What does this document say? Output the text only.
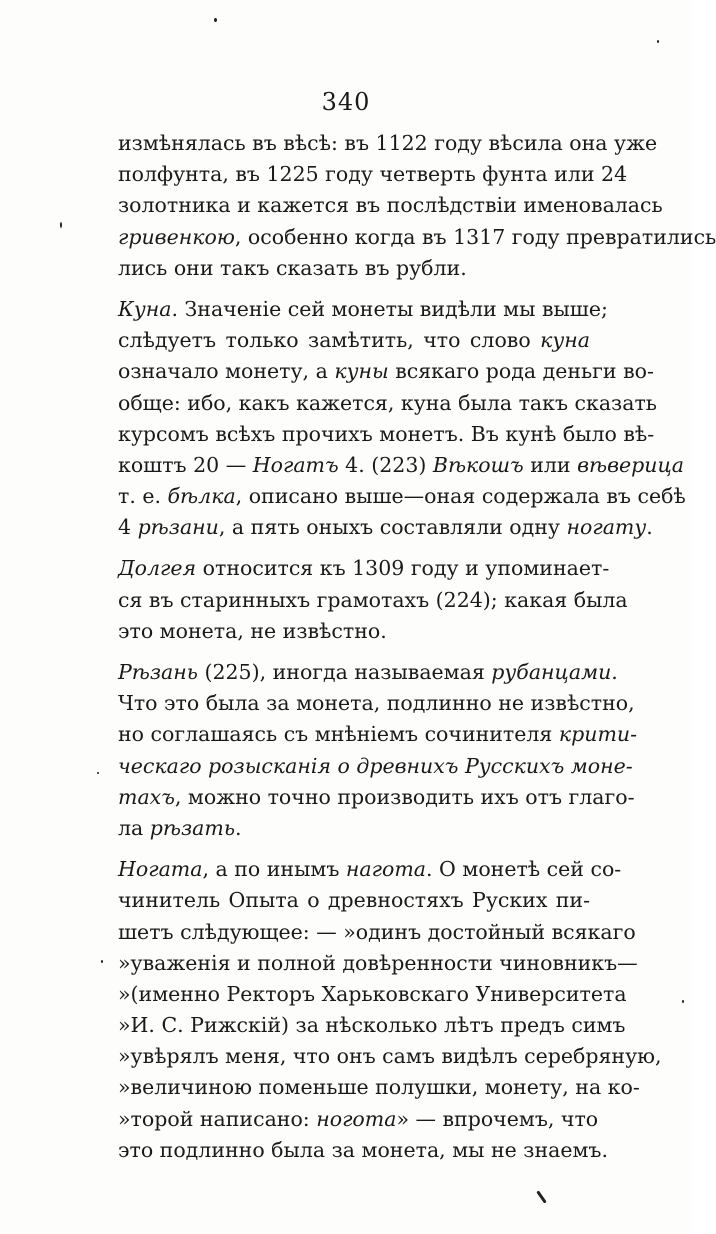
340
измѣнялась въ вѣсѣ: въ 1122 году вѣсила она уже
полфунта, въ 1225 году четверть фунта или 24
золотника и кажется въ послѣдствіи именовалась
гривенкою, особенно когда въ 1317 году превратились
лись они такъ сказать въ рубли.
Куна. Значеніе сей монеты видѣли мы выше;
слѣдуетъ только замѣтить, что слово куна
означало монету, а куны всякаго рода деньги во-
обще: ибо, какъ кажется, куна была такъ сказать
курсомъ всѣхъ прочихъ монетъ. Въ кунѣ было вѣ-
коштъ 20 — Ногатъ 4. (223) Вѣкошъ или вѣверица
т. е. бѣлка, описано выше—оная содержала въ себѣ
4 рѣзани, а пять оныхъ составляли одну ногату.
Долгея относится къ 1309 году и упоминает-
ся въ старинныхъ грамотахъ (224); какая была
это монета, не извѣстно.
Рѣзань (225), иногда называемая рубанцами.
Что это была за монета, подлинно не извѣстно,
но соглашаясь съ мнѣніемъ сочинителя крити-
ческаго розысканія о древнихъ Русскихъ моне-
тахъ, можно точно производить ихъ отъ глаго-
ла рѣзать.
Ногата, а по инымъ нагота. О монетѣ сей со-
чинитель Опыта о древностяхъ Руских пи-
шетъ слѣдующее: — »одинъ достойный всякаго
»уваженія и полной довѣренности чиновникъ—
»(именно Ректоръ Харьковскаго Университета
»И. С. Рижскій) за нѣсколько лѣтъ предъ симъ
»увѣрялъ меня, что онъ самъ видѣлъ серебряную,
»величиною поменьше полушки, монету, на ко-
»торой написано: ногота» — впрочемъ, что
это подлинно была за монета, мы не знаемъ.
